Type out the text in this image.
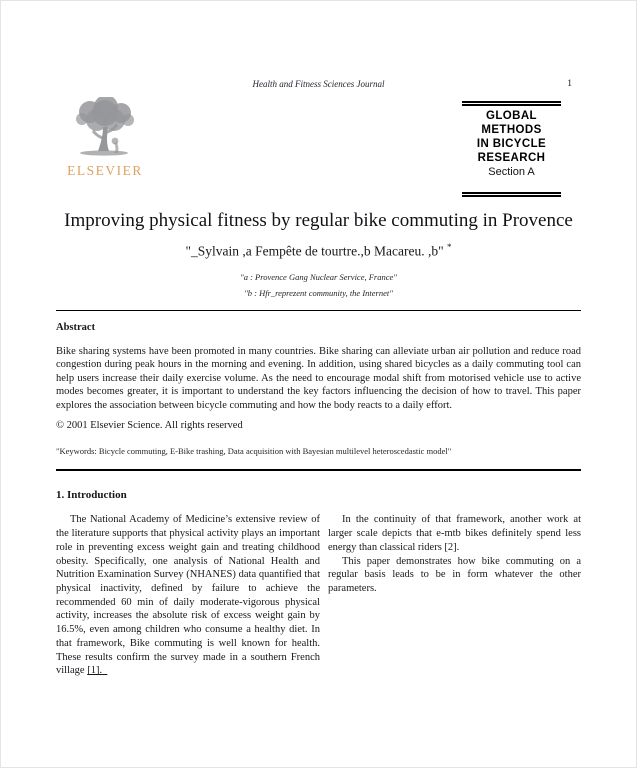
Health and Fitness Sciences Journal	1
ELSEVIER
GLOBAL
METHODS
IN BICYCLE
RESEARCH
Section A
Improving physical fitness by regular bike commuting in Provence
"_Sylvain ,a Fempête de tourtre.,b Macareu. ,b" *
"a : Provence Gang Nuclear Service, France"
"b : Hfr_reprezent community, the Internet"
Abstract

Bike sharing systems have been promoted in many countries. Bike sharing can alleviate urban air pollution and reduce road congestion during peak hours in the morning and evening. In addition, using shared bicycles as a daily commuting tool can help users increase their daily exercise volume. As the need to encourage modal shift from motorised vehicle use to active modes becomes greater, it is important to understand the key factors influencing the decision of how to travel. This paper explores the association between bicycle commuting and how the body reacts to a daily effort.

© 2001 Elsevier Science. All rights reserved

"Keywords: Bicycle commuting, E-Bike trashing, Data acquisition with Bayesian multilevel heteroscedastic model"

1. Introduction

The National Academy of Medicine’s extensive review of the literature supports that physical activity plays an important role in preventing excess weight gain and treating childhood obesity. Specifically, one analysis of National Health and Nutrition Examination Survey (NHANES) data quantified that physical inactivity, defined by failure to achieve the recommended 60 min of daily moderate-vigorous physical activity, increases the absolute risk of excess weight gain by 16.5%, even among children who consume a healthy diet. In that framework, Bike commuting is well known for health. These results confirm the survey made in a southern French village [1].

In the continuity of that framework, another work at larger scale depicts that e-mtb bikes definitely spend less energy than classical riders [2].

This paper demonstrates how bike commuting on a regular basis leads to be in form whatever the other parameters.
